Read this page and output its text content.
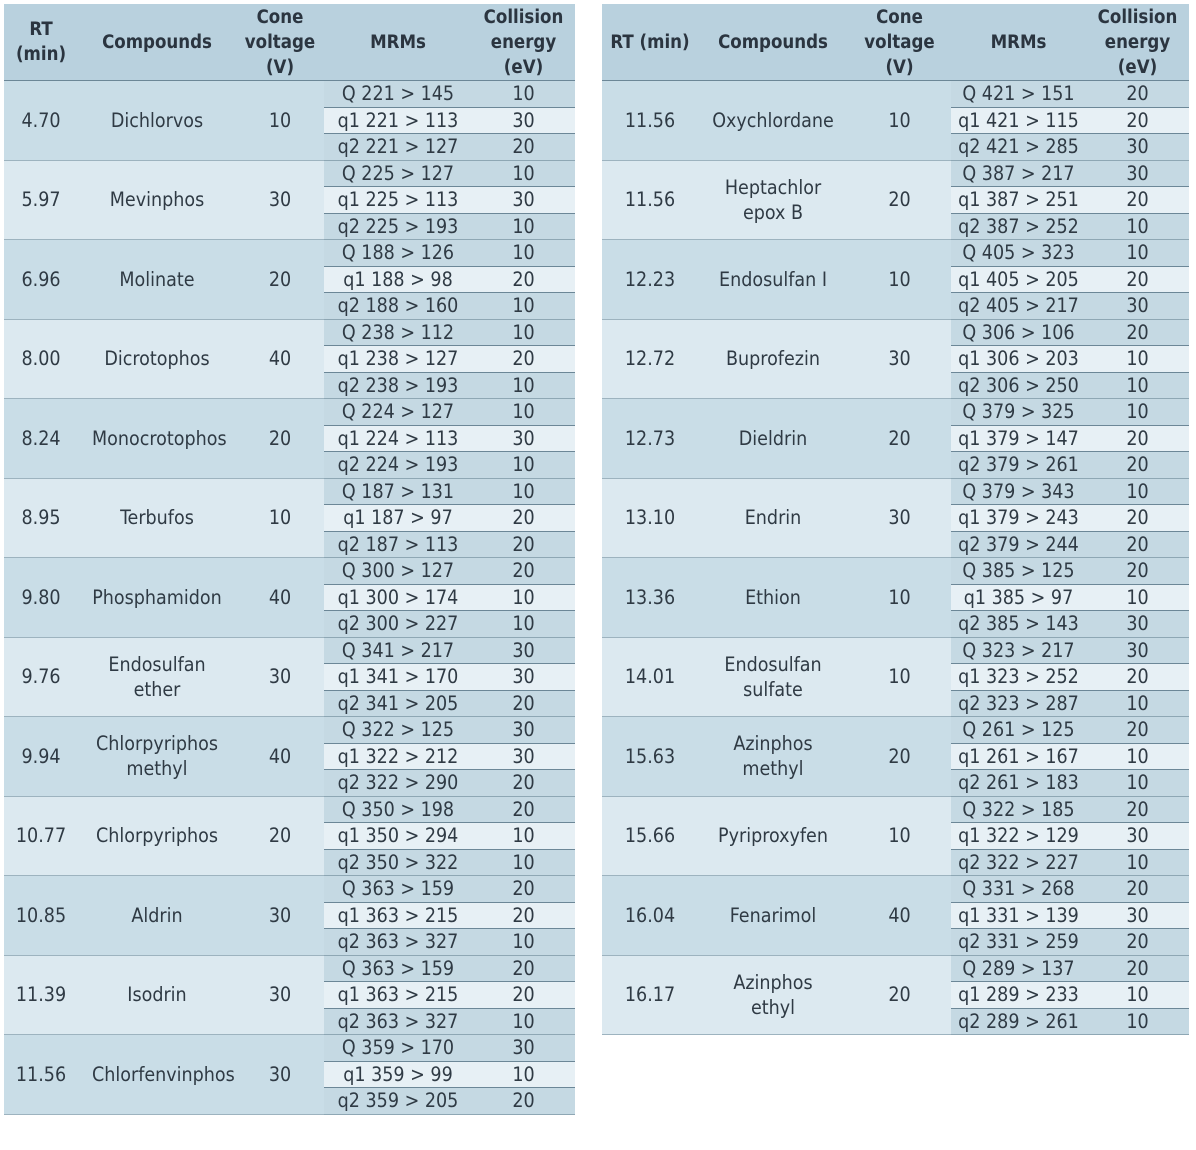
RT (min)	Compounds	Cone voltage (V)	MRMs	Collision energy (eV)
4.70	Dichlorvos	10	Q 221 > 145	10
			q1 221 > 113	30
			q2 221 > 127	20
5.97	Mevinphos	30	Q 225 > 127	10
			q1 225 > 113	30
			q2 225 > 193	10
6.96	Molinate	20	Q 188 > 126	10
			q1 188 > 98	20
			q2 188 > 160	10
8.00	Dicrotophos	40	Q 238 > 112	10
			q1 238 > 127	20
			q2 238 > 193	10
8.24	Monocrotophos	20	Q 224 > 127	10
			q1 224 > 113	30
			q2 224 > 193	10
8.95	Terbufos	10	Q 187 > 131	10
			q1 187 > 97	20
			q2 187 > 113	20
9.80	Phosphamidon	40	Q 300 > 127	20
			q1 300 > 174	10
			q2 300 > 227	10
9.76	Endosulfan ether	30	Q 341 > 217	30
			q1 341 > 170	30
			q2 341 > 205	20
9.94	Chlorpyriphos methyl	40	Q 322 > 125	30
			q1 322 > 212	30
			q2 322 > 290	20
10.77	Chlorpyriphos	20	Q 350 > 198	20
			q1 350 > 294	10
			q2 350 > 322	10
10.85	Aldrin	30	Q 363 > 159	20
			q1 363 > 215	20
			q2 363 > 327	10
11.39	Isodrin	30	Q 363 > 159	20
			q1 363 > 215	20
			q2 363 > 327	10
11.56	Chlorfenvinphos	30	Q 359 > 170	30
			q1 359 > 99	10
			q2 359 > 205	20
RT (min)	Compounds	Cone voltage (V)	MRMs	Collision energy (eV)
11.56	Oxychlordane	10	Q 421 > 151	20
			q1 421 > 115	20
			q2 421 > 285	30
11.56	Heptachlor epox B	20	Q 387 > 217	30
			q1 387 > 251	20
			q2 387 > 252	10
12.23	Endosulfan I	10	Q 405 > 323	10
			q1 405 > 205	20
			q2 405 > 217	30
12.72	Buprofezin	30	Q 306 > 106	20
			q1 306 > 203	10
			q2 306 > 250	10
12.73	Dieldrin	20	Q 379 > 325	10
			q1 379 > 147	20
			q2 379 > 261	20
13.10	Endrin	30	Q 379 > 343	10
			q1 379 > 243	20
			q2 379 > 244	20
13.36	Ethion	10	Q 385 > 125	20
			q1 385 > 97	10
			q2 385 > 143	30
14.01	Endosulfan sulfate	10	Q 323 > 217	30
			q1 323 > 252	20
			q2 323 > 287	10
15.63	Azinphos methyl	20	Q 261 > 125	20
			q1 261 > 167	10
			q2 261 > 183	10
15.66	Pyriproxyfen	10	Q 322 > 185	20
			q1 322 > 129	30
			q2 322 > 227	10
16.04	Fenarimol	40	Q 331 > 268	20
			q1 331 > 139	30
			q2 331 > 259	20
16.17	Azinphos ethyl	20	Q 289 > 137	20
			q1 289 > 233	10
			q2 289 > 261	10
